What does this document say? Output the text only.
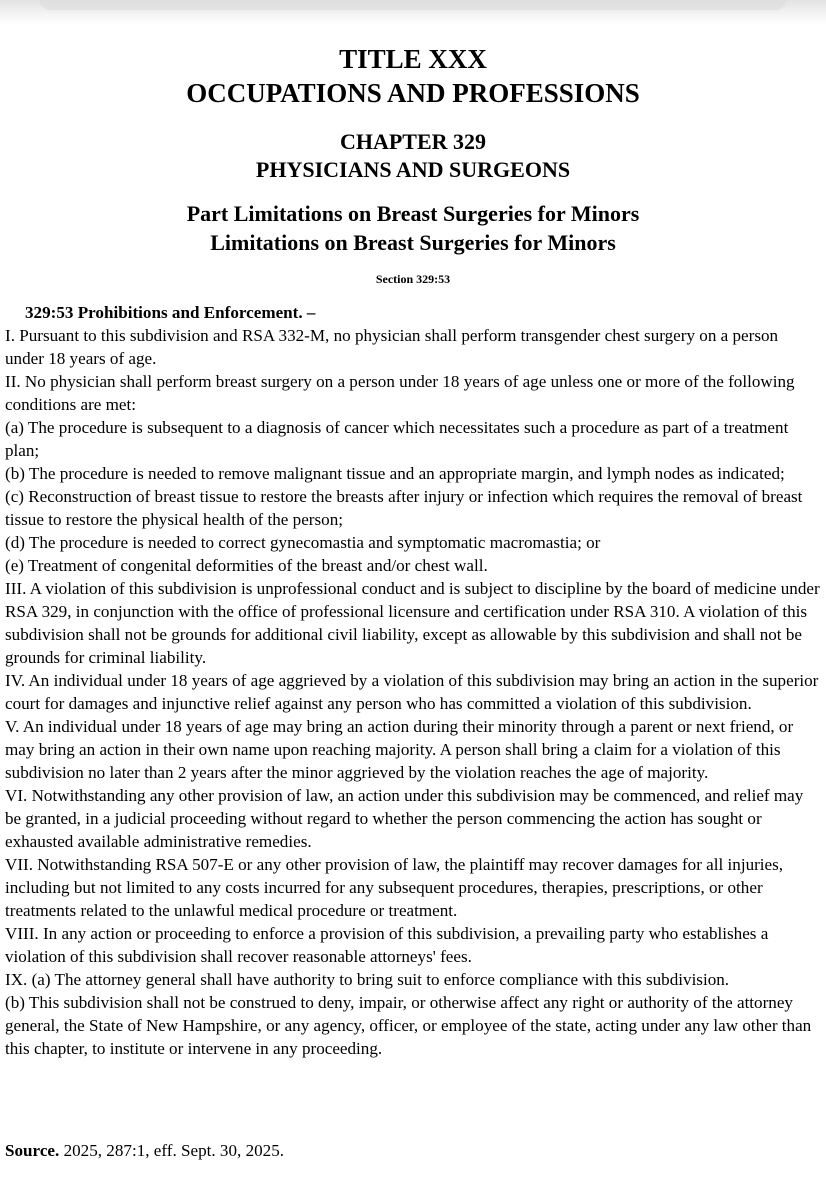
TITLE XXX
OCCUPATIONS AND PROFESSIONS
CHAPTER 329
PHYSICIANS AND SURGEONS
Part Limitations on Breast Surgeries for Minors
Limitations on Breast Surgeries for Minors
Section 329:53

329:53 Prohibitions and Enforcement. –

I. Pursuant to this subdivision and RSA 332-M, no physician shall perform transgender chest surgery on a person under 18 years of age.

II. No physician shall perform breast surgery on a person under 18 years of age unless one or more of the following conditions are met:

(a) The procedure is subsequent to a diagnosis of cancer which necessitates such a procedure as part of a treatment plan;

(b) The procedure is needed to remove malignant tissue and an appropriate margin, and lymph nodes as indicated;

(c) Reconstruction of breast tissue to restore the breasts after injury or infection which requires the removal of breast tissue to restore the physical health of the person;

(d) The procedure is needed to correct gynecomastia and symptomatic macromastia; or

(e) Treatment of congenital deformities of the breast and/or chest wall.

III. A violation of this subdivision is unprofessional conduct and is subject to discipline by the board of medicine under RSA 329, in conjunction with the office of professional licensure and certification under RSA 310. A violation of this subdivision shall not be grounds for additional civil liability, except as allowable by this subdivision and shall not be grounds for criminal liability.

IV. An individual under 18 years of age aggrieved by a violation of this subdivision may bring an action in the superior court for damages and injunctive relief against any person who has committed a violation of this subdivision.

V. An individual under 18 years of age may bring an action during their minority through a parent or next friend, or may bring an action in their own name upon reaching majority. A person shall bring a claim for a violation of this subdivision no later than 2 years after the minor aggrieved by the violation reaches the age of majority.

VI. Notwithstanding any other provision of law, an action under this subdivision may be commenced, and relief may be granted, in a judicial proceeding without regard to whether the person commencing the action has sought or exhausted available administrative remedies.

VII. Notwithstanding RSA 507-E or any other provision of law, the plaintiff may recover damages for all injuries, including but not limited to any costs incurred for any subsequent procedures, therapies, prescriptions, or other treatments related to the unlawful medical procedure or treatment.

VIII. In any action or proceeding to enforce a provision of this subdivision, a prevailing party who establishes a violation of this subdivision shall recover reasonable attorneys' fees.

IX. (a) The attorney general shall have authority to bring suit to enforce compliance with this subdivision.

(b) This subdivision shall not be construed to deny, impair, or otherwise affect any right or authority of the attorney general, the State of New Hampshire, or any agency, officer, or employee of the state, acting under any law other than this chapter, to institute or intervene in any proceeding.

Source. 2025, 287:1, eff. Sept. 30, 2025.
